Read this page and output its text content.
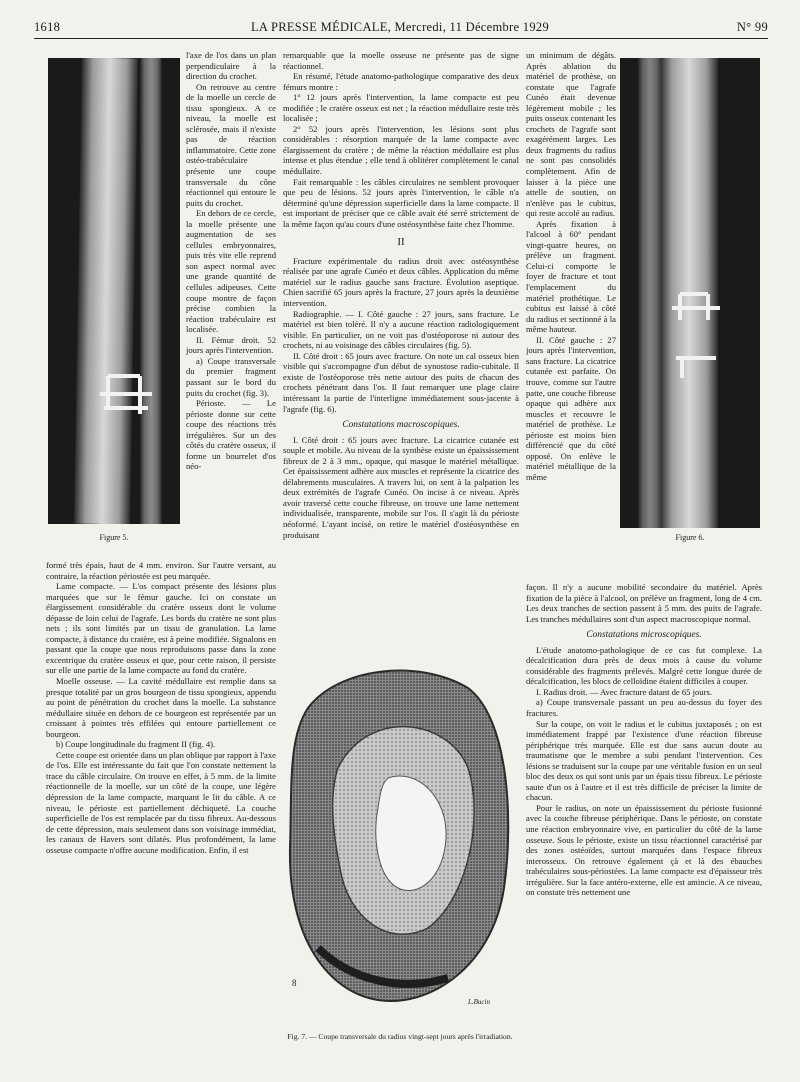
1618	LA PRESSE MÉDICALE, Mercredi, 11 Décembre 1929	N° 99
Figure 5.	Figure 6.

l'axe de l'os dans un plan perpendiculaire à la direction du crochet.

On retrouve au centre de la moelle un cercle de tissu spongieux. A ce niveau, la moelle est sclérosée, mais il n'existe pas de réaction inflammatoire. Cette zone ostéo-trabéculaire présente une coupe transversale du cône réactionnel qui entoure le puits du crochet.

En dehors de ce cercle, la moelle présente une augmentation de ses cellules embryonnaires, puis très vite elle reprend son aspect normal avec une grande quantité de cellules adipeuses. Cette coupe montre de façon précise combien la réaction trabéculaire est localisée.

II. Fémur droit. 52 jours après l'intervention.

a) Coupe transversale du premier fragment passant sur le bord du puits du crochet (fig. 3).

Périoste. — Le périoste donne sur cette coupe des réactions très irrégulières. Sur un des côtés du cratère osseux, il forme un bourrelet d'os néo-

formé très épais, haut de 4 mm. environ. Sur l'autre versant, au contraire, la réaction périostée est peu marquée.

Lame compacte. — L'os compact présente des lésions plus marquées que sur le fémur gauche. Ici on constate un élargissement considérable du cratère osseux dont le volume dépasse de loin celui de l'agrafe. Les bords du cratère ne sont plus nets ; ils sont limités par un tissu de granulation. La lame compacte, à distance du cratère, est à peine modifiée. Signalons en passant que la coupe que nous reproduisons passe dans la zone excentrique du cratère osseux et que, pour cette raison, il persiste sur elle une partie de la lame compacte au fond du cratère.

Moelle osseuse. — La cavité médullaire est remplie dans sa presque totalité par un gros bourgeon de tissu spongieux, appendu au point de pénétration du crochet dans la moelle. La substance médullaire située en dehors de ce bourgeon est représentée par un croissant à pointes très effilées qui entoure partiellement ce bourgeon.

b) Coupe longitudinale du fragment II (fig. 4).

Cette coupe est orientée dans un plan oblique par rapport à l'axe de l'os. Elle est intéressante du fait que l'on constate nettement la trace du câble circulaire. On trouve en effet, à 5 mm. de la limite réactionnelle de la moelle, sur un côté de la coupe, une légère dépression de la lame compacte, marquant le lit du câble. A ce niveau, le périoste est partiellement déchiqueté. La couche superficielle de l'os est remplacée par du tissu fibreux. Au-dessous de cette dépression, mais seulement dans son voisinage immédiat, les canaux de Havers sont dilatés. Plus profondément, la lame osseuse compacte n'offre aucune modification. Enfin, il est

remarquable que la moelle osseuse ne présente pas de signe réactionnel.

En résumé, l'étude anatomo-pathologique comparative des deux fémurs montre :

1° 12 jours après l'intervention, la lame compacte est peu modifiée ; le cratère osseux est net ; la réaction médullaire reste très localisée ;

2° 52 jours après l'intervention, les lésions sont plus considérables : résorption marquée de la lame compacte avec élargissement du cratère ; de même la réaction médullaire est plus intense et plus étendue ; elle tend à oblitérer complètement le canal médullaire.

Fait remarquable : les câbles circulaires ne semblent provoquer que peu de lésions. 52 jours après l'intervention, le câble n'a déterminé qu'une dépression superficielle dans la lame compacte. Il est important de préciser que ce câble avait été serré strictement de la même façon qu'au cours d'une ostéosynthèse faite chez l'homme.

II

Fracture expérimentale du radius droit avec ostéosynthèse réalisée par une agrafe Cunéo et deux câbles. Application du même matériel sur le radius gauche sans fracture. Évolution aseptique. Chien sacrifié 65 jours après la fracture, 27 jours après la deuxième intervention.

Radiographie. — I. Côté gauche : 27 jours, sans fracture. Le matériel est bien toléré. Il n'y a aucune réaction radiologiquement visible. En particulier, on ne voit pas d'ostéoporose ni autour des crochets, ni au voisinage des câbles circulaires (fig. 5).

II. Côté droit : 65 jours avec fracture. On note un cal osseux bien visible qui s'accompagne d'un début de synostose radio-cubitale. Il existe de l'ostéoporose très nette autour des puits de chacun des crochets pénétrant dans l'os. Il faut remarquer une plage claire intéressant la partie de l'interligne immédiatement sous-jacente à l'agrafe (fig. 6).

Constatations macroscopiques.

I. Côté droit : 65 jours avec fracture. La cicatrice cutanée est souple et mobile. Au niveau de la synthèse existe un épaississement fibreux de 2 à 3 mm., opaque, qui masque le matériel métallique. Cet épaississement adhère aux muscles et représente la cicatrice des délabrements musculaires. A travers lui, on sent à la palpation les deux extrémités de l'agrafe Cunéo. On incise à ce niveau. Après avoir traversé cette couche fibreuse, on trouve une lame nettement individualisée, transparente, mobile sur l'os. Il s'agit là du périoste néoformé. L'ayant incisé, on retire le matériel d'ostéosynthèse en produisant

un minimum de dégâts. Après ablation du matériel de prothèse, on constate que l'agrafe Cunéo était devenue légèrement mobile ; les puits osseux contenant les crochets de l'agrafe sont exagérément larges. Les deux fragments du radius ne sont pas consolidés complètement. Afin de laisser à la pièce une attelle de soutien, on n'enlève pas le cubitus, qui reste accolé au radius.

Après fixation à l'alcool à 60° pendant vingt-quatre heures, on prélève un fragment. Celui-ci comporte le foyer de fracture et tout l'emplacement du matériel prothétique. Le cubitus est laissé à côté du radius et sectionné à la même hauteur.

II. Côté gauche : 27 jours après l'intervention, sans fracture. La cicatrice cutanée est parfaite. On trouve, comme sur l'autre patte, une couche fibreuse opaque qui adhère aux muscles et recouvre le matériel de prothèse. Le périoste est moins bien différencié que du côté opposé. On enlève le matériel métallique de la même

façon. Il n'y a aucune mobilité secondaire du matériel. Après fixation de la pièce à l'alcool, on prélève un fragment, long de 4 cm. Les deux tranches de section passent à 5 mm. des puits de l'agrafe. Les tranches médullaires sont d'un aspect macroscopique normal.

Constatations microscopiques.

L'étude anatomo-pathologique de ce cas fut complexe. La décalcification dura près de deux mois à cause du volume considérable des fragments prélevés. Malgré cette longue durée de décalcification, les blocs de celloïdine étaient difficiles à couper.

I. Radius droit. — Avec fracture datant de 65 jours.

a) Coupe transversale passant un peu au-dessus du foyer des fractures.

Sur la coupe, on voit le radius et le cubitus juxtaposés ; on est immédiatement frappé par l'existence d'une réaction fibreuse périphérique très marquée. Elle est due sans aucun doute au traumatisme que le membre a subi pendant l'intervention. Ces lésions se traduisent sur la coupe par une véritable fusion en un seul bloc des deux os qui sont unis par un épais tissu fibreux. Le périoste saute d'un os à l'autre et il est très difficile de préciser la limite de chacun.

Pour le radius, on note un épaississement du périoste fusionné avec la couche fibreuse périphérique. Dans le périoste, on constate une réaction embryonnaire vive, en particulier du côté de la lame osseuse. Sous le périoste, existe un tissu réactionnel caractérisé par des zones ostéoïdes, surtout marquées dans l'espace fibreux interosseux. On retrouve également çà et là des ébauches trabéculaires sous-périostées. La lame compacte est d'épaisseur très irrégulière. Sur la face antéro-externe, elle est amincie. A ce niveau, on constate très nettement une

8
L.Bucin
Fig. 7. — Coupe transversale du radius vingt-sept jours après l'irradiation.
